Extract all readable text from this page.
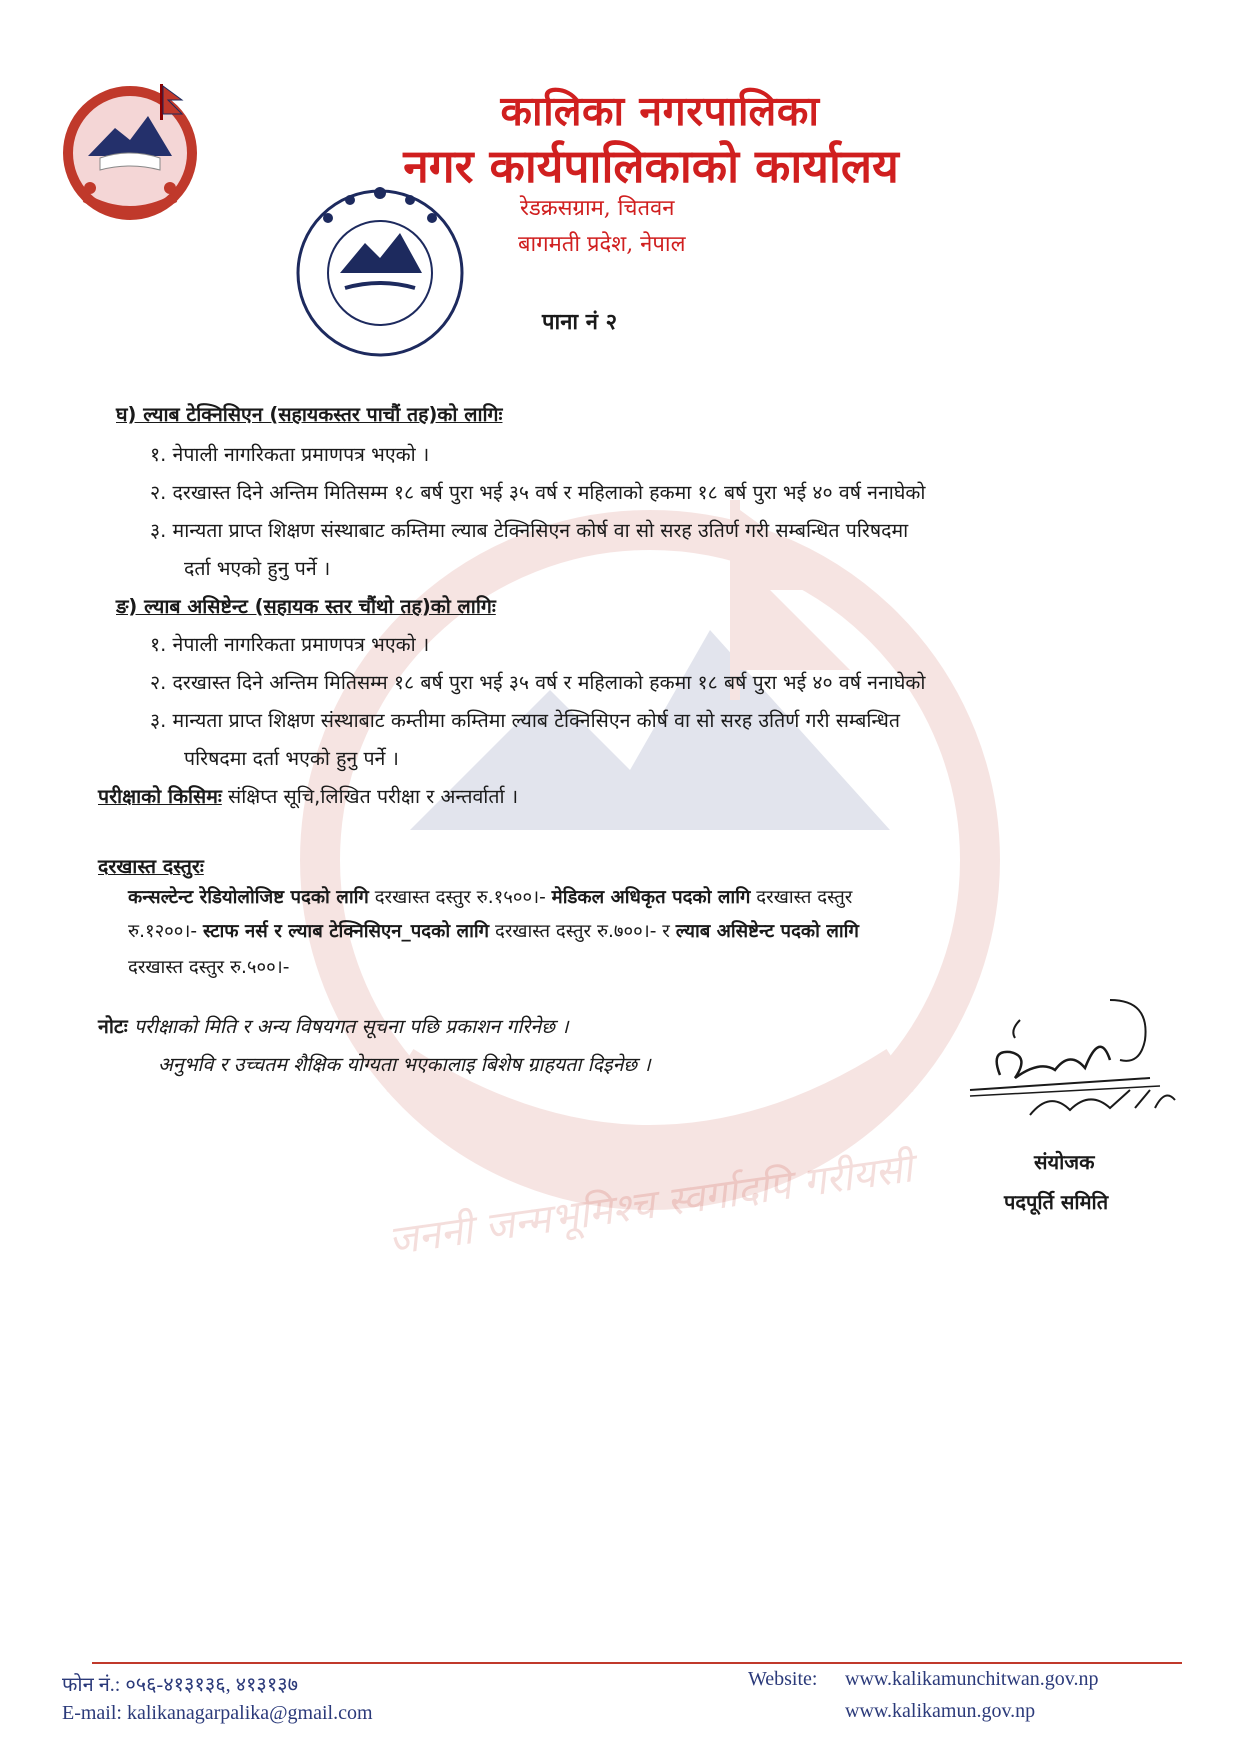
जननी जन्मभूमिश्च स्वर्गादपि गरीयसी
कालिका नगरपालिका
नगर कार्यपालिकाको कार्यालय
रेडक्रसग्राम, चितवन
बागमती प्रदेश, नेपाल
पाना नं २
घ) ल्याब टेक्निसिएन (सहायकस्तर पाचौं तह)को लागिः
१. नेपाली नागरिकता प्रमाणपत्र भएको ।
२. दरखास्त दिने अन्तिम मितिसम्म १८ बर्ष पुरा भई ३५ वर्ष र महिलाको हकमा १८ बर्ष पुरा भई ४० वर्ष ननाघेको
३. मान्यता प्राप्त शिक्षण संस्थाबाट कम्तिमा ल्याब टेक्निसिएन कोर्ष वा सो सरह उतिर्ण गरी सम्बन्धित परिषदमा
दर्ता भएको हुनु पर्ने ।
ङ) ल्याब असिष्टेन्ट (सहायक स्तर चौंथो तह)को लागिः
१. नेपाली नागरिकता प्रमाणपत्र भएको ।
२. दरखास्त दिने अन्तिम मितिसम्म १८ बर्ष पुरा भई ३५ वर्ष र महिलाको हकमा १८ बर्ष पुरा भई ४० वर्ष ननाघेको
३. मान्यता प्राप्त शिक्षण संस्थाबाट कम्तीमा कम्तिमा ल्याब टेक्निसिएन कोर्ष वा सो सरह उतिर्ण गरी सम्बन्धित
परिषदमा दर्ता भएको हुनु पर्ने ।
परीक्षाको किसिमः संक्षिप्त सूचि,लिखित परीक्षा र अन्तर्वार्ता ।
दरखास्त दस्तुरः
कन्सल्टेन्ट रेडियोलोजिष्ट पदको लागि दरखास्त दस्तुर रु.१५००।- मेडिकल अधिकृत पदको लागि दरखास्त दस्तुर
रु.१२००।- स्टाफ नर्स र ल्याब टेक्निसिएन_पदको लागि दरखास्त दस्तुर रु.७००।- र ल्याब असिष्टेन्ट पदको लागि
दरखास्त दस्तुर रु.५००।-
नोटः परीक्षाको मिति र अन्य विषयगत सूचना पछि प्रकाशन गरिनेछ ।
अनुभवि र उच्चतम शैक्षिक योग्यता भएकालाइ बिशेष ग्राहयता दिइनेछ ।
संयोजक
पदपूर्ति समिति
फोन नं.: ०५६-४१३१३६, ४१३१३७
E-mail: kalikanagarpalika@gmail.com
Website: www.kalikamunchitwan.gov.np
www.kalikamun.gov.np
